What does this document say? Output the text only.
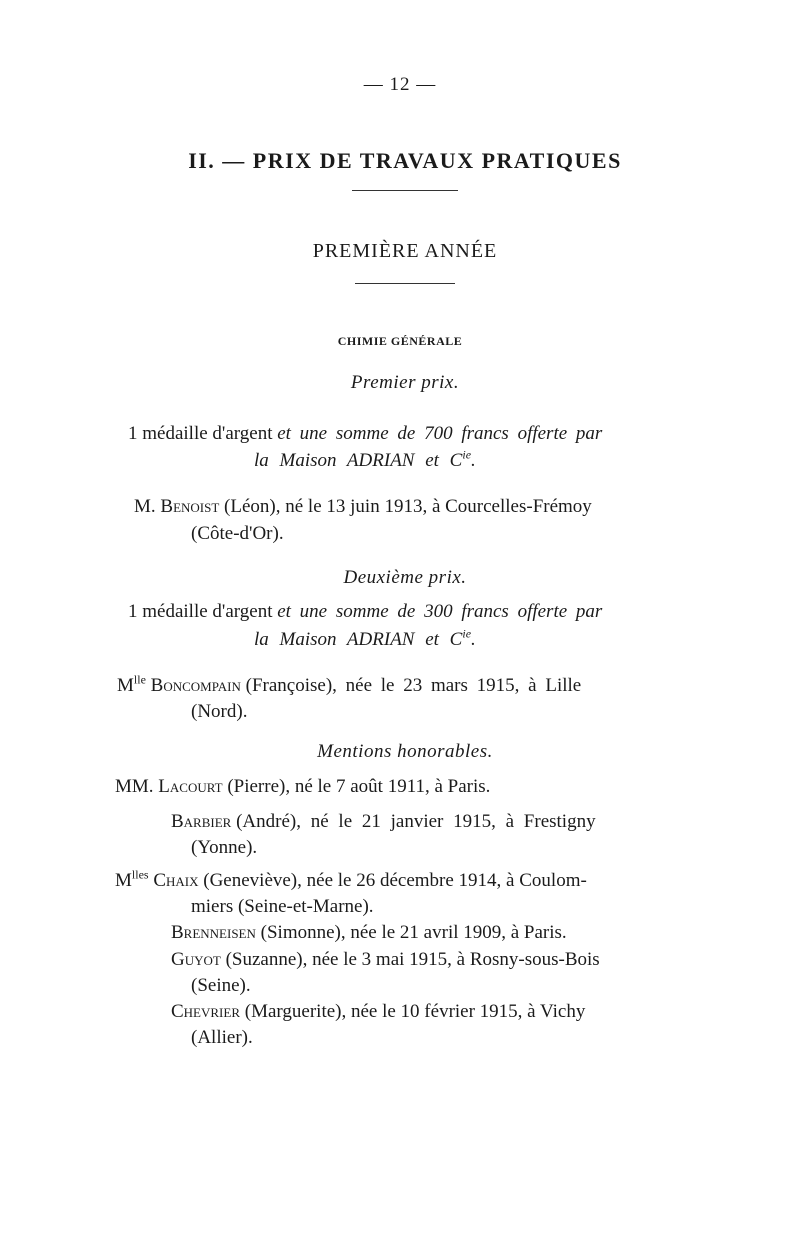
— 12 —
II. — PRIX DE TRAVAUX PRATIQUES
PREMIÈRE ANNÉE
CHIMIE GÉNÉRALE
Premier prix.
1 médaille d'argent et une somme de 700 francs offerte par
la Maison ADRIAN et $C^{ie}$.
M. Benoist (Léon), né le 13 juin 1913, à Courcelles-Frémoy
(Côte-d'Or).
Deuxième prix.
1 médaille d'argent et une somme de 300 francs offerte par
la Maison ADRIAN et $C^{ie}$.
$M^{lle}$ Boncompain (Françoise), née le 23 mars 1915, à Lille
(Nord).
Mentions honorables.
MM. Lacourt (Pierre), né le 7 août 1911, à Paris.
Barbier (André), né le 21 janvier 1915, à Frestigny
(Yonne).
$M^{lles}$ Chaix (Geneviève), née le 26 décembre 1914, à Coulom-
miers (Seine-et-Marne).
Brenneisen (Simonne), née le 21 avril 1909, à Paris.
Guyot (Suzanne), née le 3 mai 1915, à Rosny-sous-Bois
(Seine).
Chevrier (Marguerite), née le 10 février 1915, à Vichy
(Allier).
